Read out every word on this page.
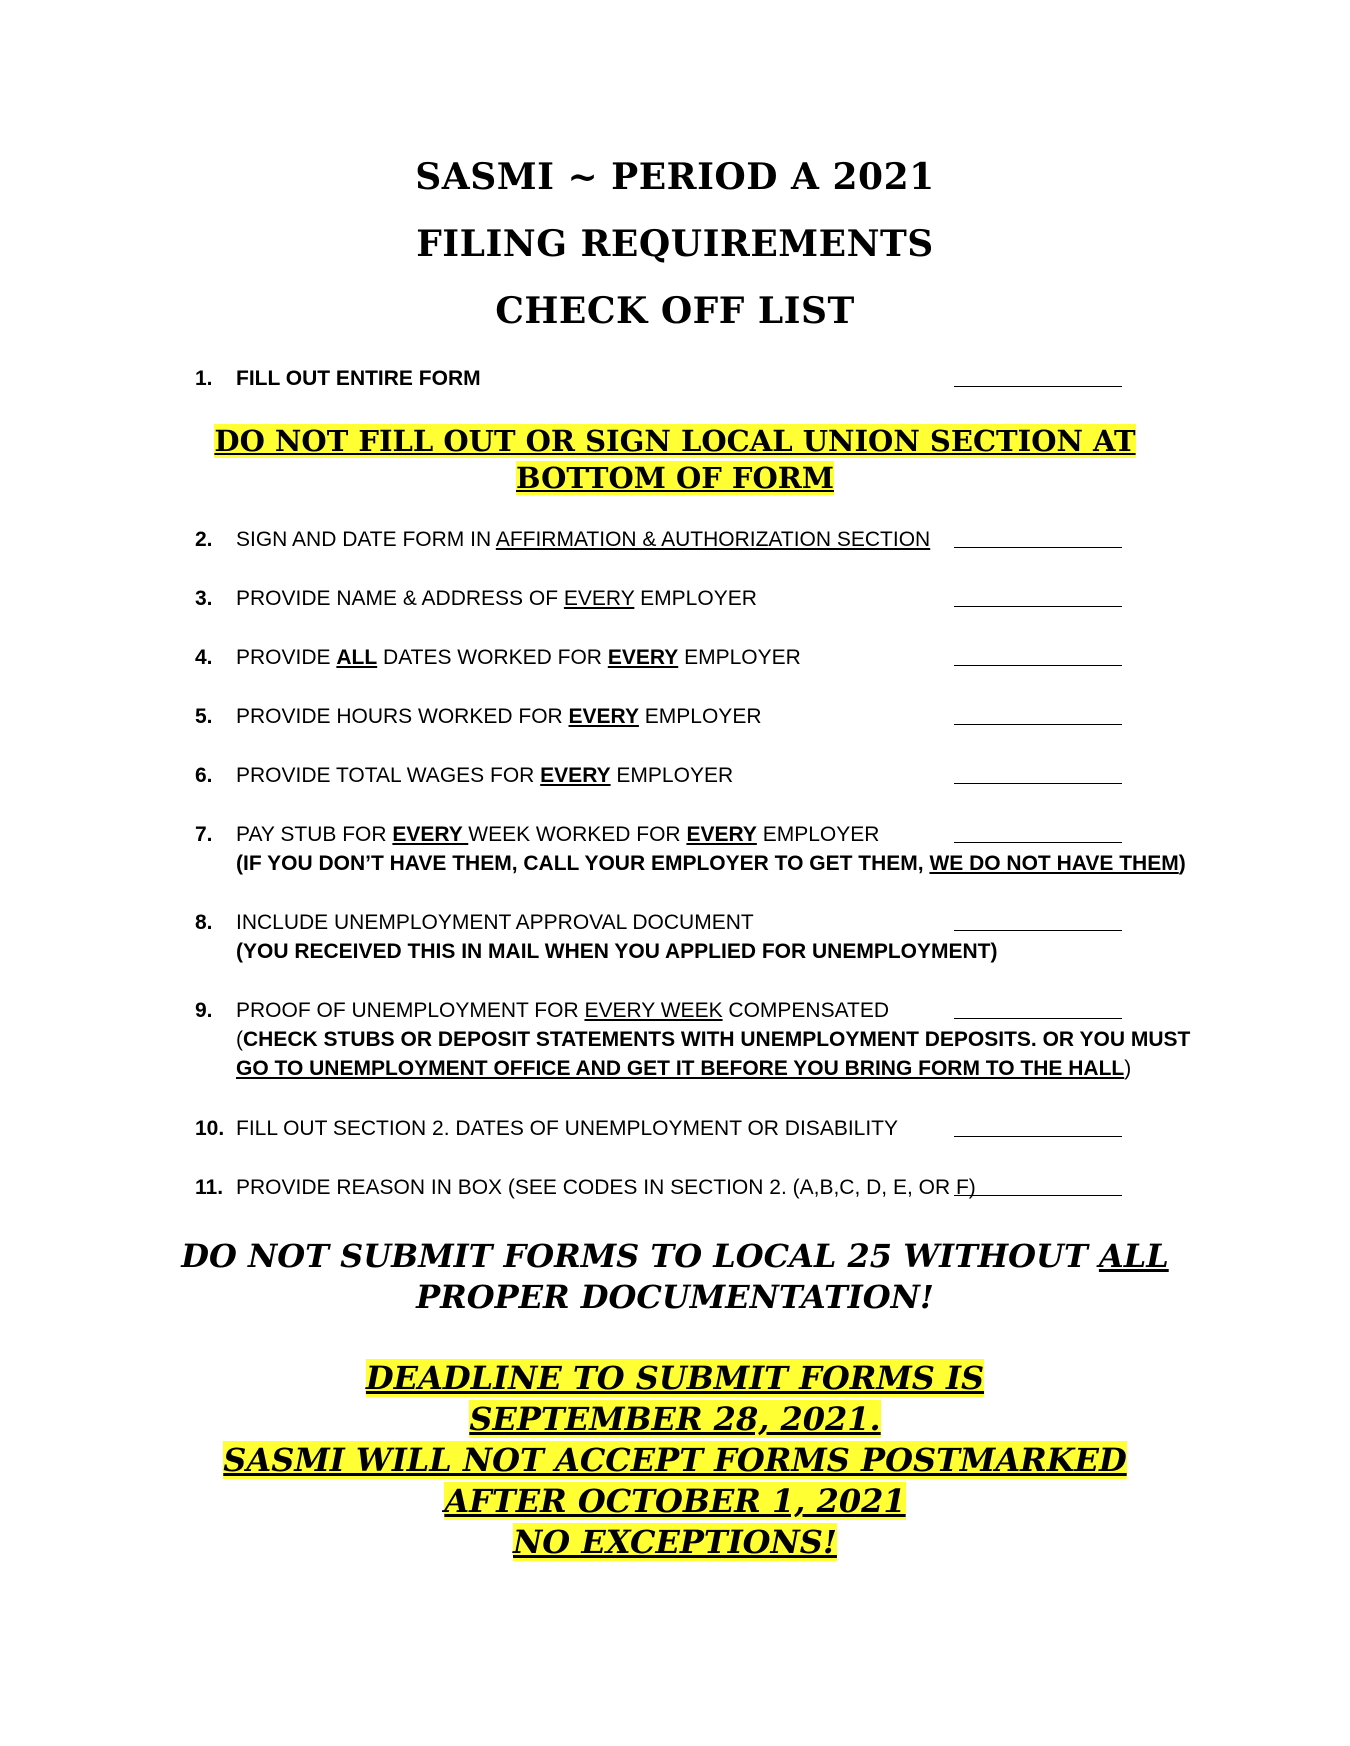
SASMI ~ PERIOD A 2021
FILING REQUIREMENTS
CHECK OFF LIST
1. FILL OUT ENTIRE FORM
DO NOT FILL OUT OR SIGN LOCAL UNION SECTION AT
BOTTOM OF FORM
2. SIGN AND DATE FORM IN AFFIRMATION & AUTHORIZATION SECTION
3. PROVIDE NAME & ADDRESS OF EVERY EMPLOYER
4. PROVIDE ALL DATES WORKED FOR EVERY EMPLOYER
5. PROVIDE HOURS WORKED FOR EVERY EMPLOYER
6. PROVIDE TOTAL WAGES FOR EVERY EMPLOYER
7. PAY STUB FOR EVERY WEEK WORKED FOR EVERY EMPLOYER
(IF YOU DON’T HAVE THEM, CALL YOUR EMPLOYER TO GET THEM, WE DO NOT HAVE THEM)
8. INCLUDE UNEMPLOYMENT APPROVAL DOCUMENT
(YOU RECEIVED THIS IN MAIL WHEN YOU APPLIED FOR UNEMPLOYMENT)
9. PROOF OF UNEMPLOYMENT FOR EVERY WEEK COMPENSATED
(CHECK STUBS OR DEPOSIT STATEMENTS WITH UNEMPLOYMENT DEPOSITS. OR YOU MUST
GO TO UNEMPLOYMENT OFFICE AND GET IT BEFORE YOU BRING FORM TO THE HALL)
10. FILL OUT SECTION 2. DATES OF UNEMPLOYMENT OR DISABILITY
11. PROVIDE REASON IN BOX (SEE CODES IN SECTION 2. (A,B,C, D, E, OR F)
DO NOT SUBMIT FORMS TO LOCAL 25 WITHOUT ALL
PROPER DOCUMENTATION!
DEADLINE TO SUBMIT FORMS IS
SEPTEMBER 28, 2021.
SASMI WILL NOT ACCEPT FORMS POSTMARKED
AFTER OCTOBER 1, 2021
NO EXCEPTIONS!
